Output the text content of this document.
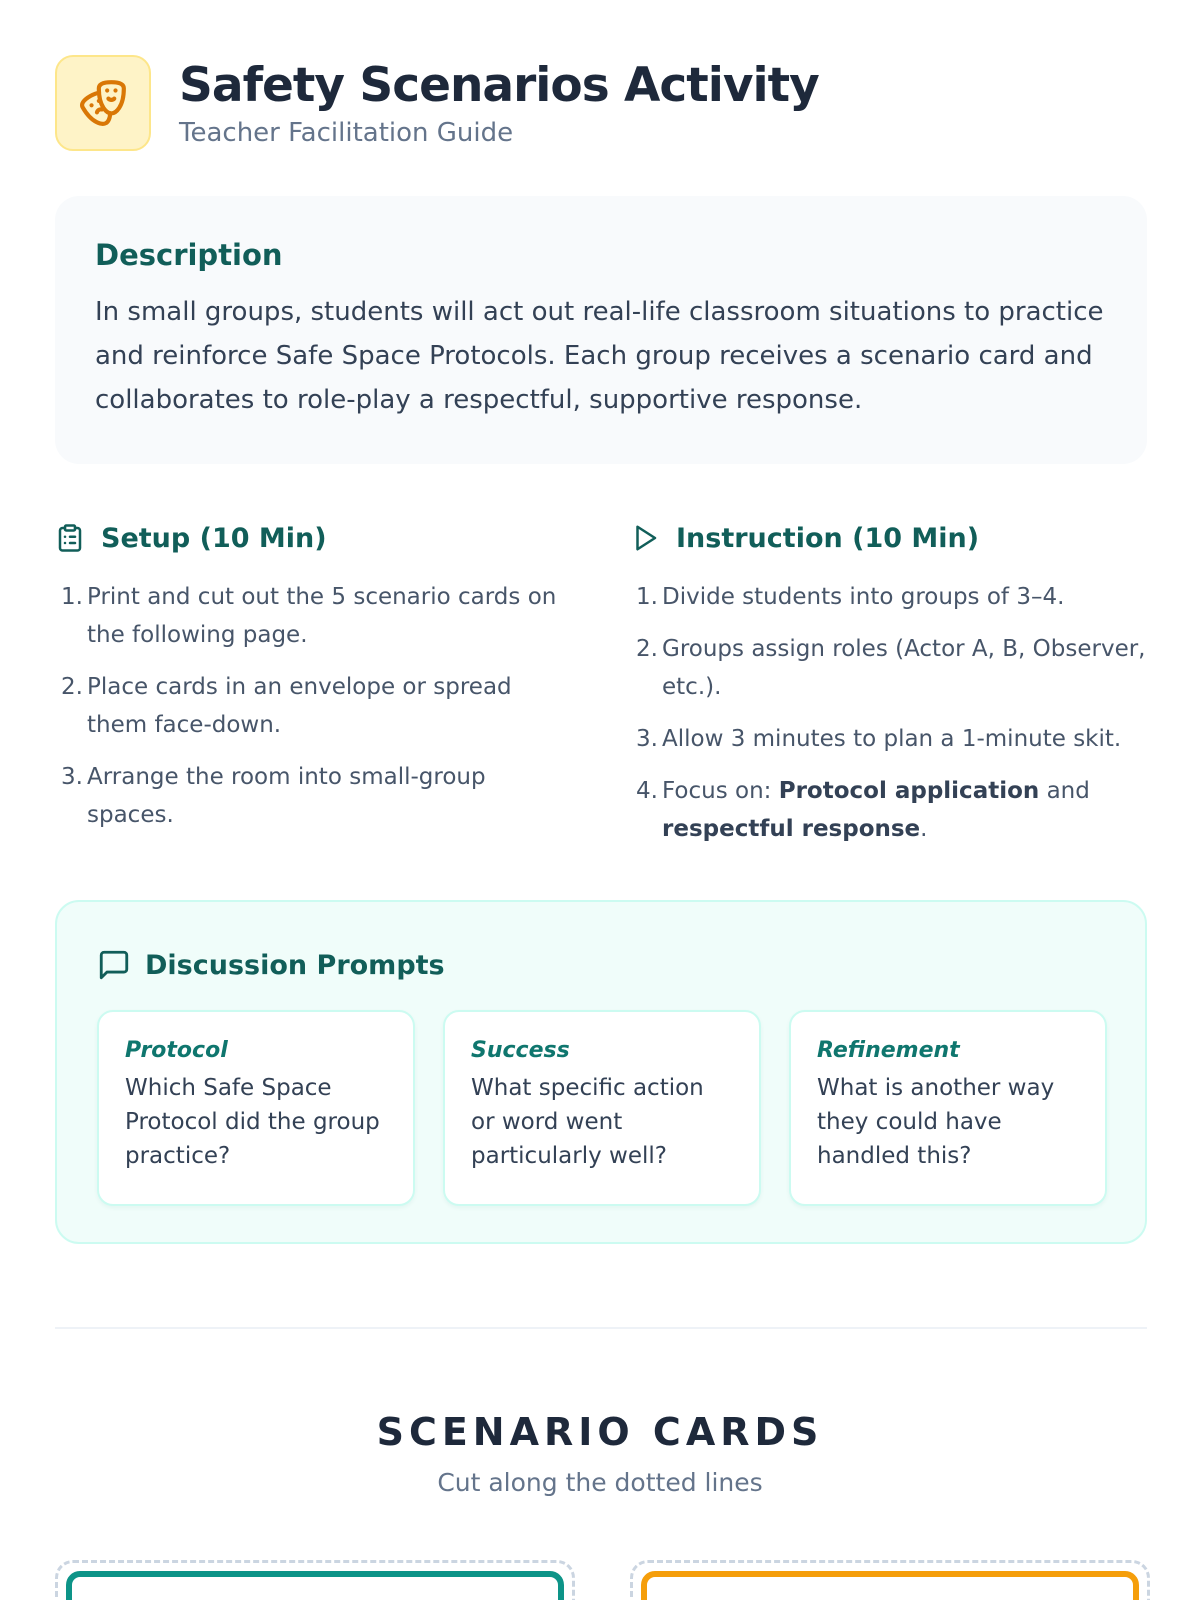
Safety Scenarios Activity
Teacher Facilitation Guide
Description
In small groups, students will act out real-life classroom situations to practice and reinforce Safe Space Protocols. Each group receives a scenario card and collaborates to role-play a respectful, supportive response.
Setup (10 Min)
1. Print and cut out the 5 scenario cards on the following page.
2. Place cards in an envelope or spread them face-down.
3. Arrange the room into small-group spaces.
Instruction (10 Min)
1. Divide students into groups of 3–4.
2. Groups assign roles (Actor A, B, Observer, etc.).
3. Allow 3 minutes to plan a 1-minute skit.
4. Focus on: Protocol application and respectful response.
Discussion Prompts
Protocol
Which Safe Space Protocol did the group practice?
Success
What specific action or word went particularly well?
Refinement
What is another way they could have handled this?
SCENARIO CARDS
Cut along the dotted lines
